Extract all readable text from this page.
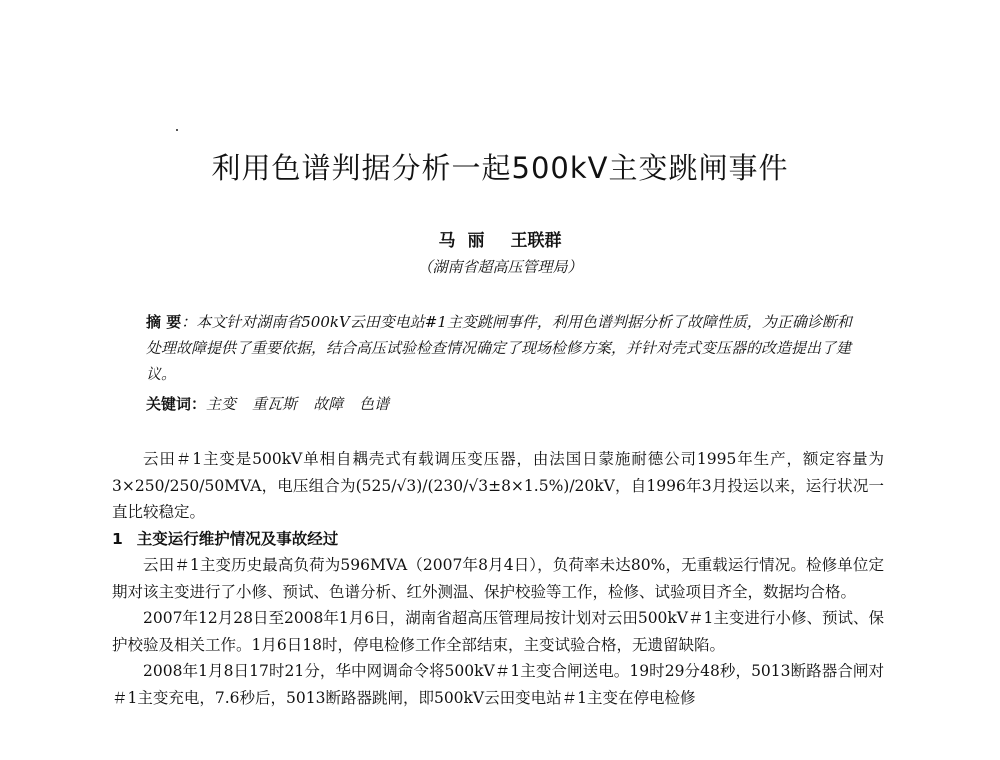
利用色谱判据分析一起500kV主变跳闸事件
马丽 王联群
（湖南省超高压管理局）
摘 要：本文针对湖南省500kV云田变电站#1主变跳闸事件，利用色谱判据分析了故障性质，为正确诊断和处理故障提供了重要依据，结合高压试验检查情况确定了现场检修方案，并针对壳式变压器的改造提出了建议。
关键词：主变 重瓦斯 故障 色谱

云田＃1主变是500kV单相自耦壳式有载调压变压器，由法国日蒙施耐德公司1995年生产，额定容量为3×250/250/50MVA，电压组合为(525/√3)/(230/√3±8×1.5%)/20kV，自1996年3月投运以来，运行状况一直比较稳定。

1 主变运行维护情况及事故经过

云田＃1主变历史最高负荷为596MVA（2007年8月4日），负荷率未达80%，无重载运行情况。检修单位定期对该主变进行了小修、预试、色谱分析、红外测温、保护校验等工作，检修、试验项目齐全，数据均合格。

2007年12月28日至2008年1月6日，湖南省超高压管理局按计划对云田500kV＃1主变进行小修、预试、保护校验及相关工作。1月6日18时，停电检修工作全部结束，主变试验合格，无遗留缺陷。

2008年1月8日17时21分，华中网调命令将500kV＃1主变合闸送电。19时29分48秒，5013断路器合闸对＃1主变充电，7.6秒后，5013断路器跳闸，即500kV云田变电站＃1主变在停电检修
